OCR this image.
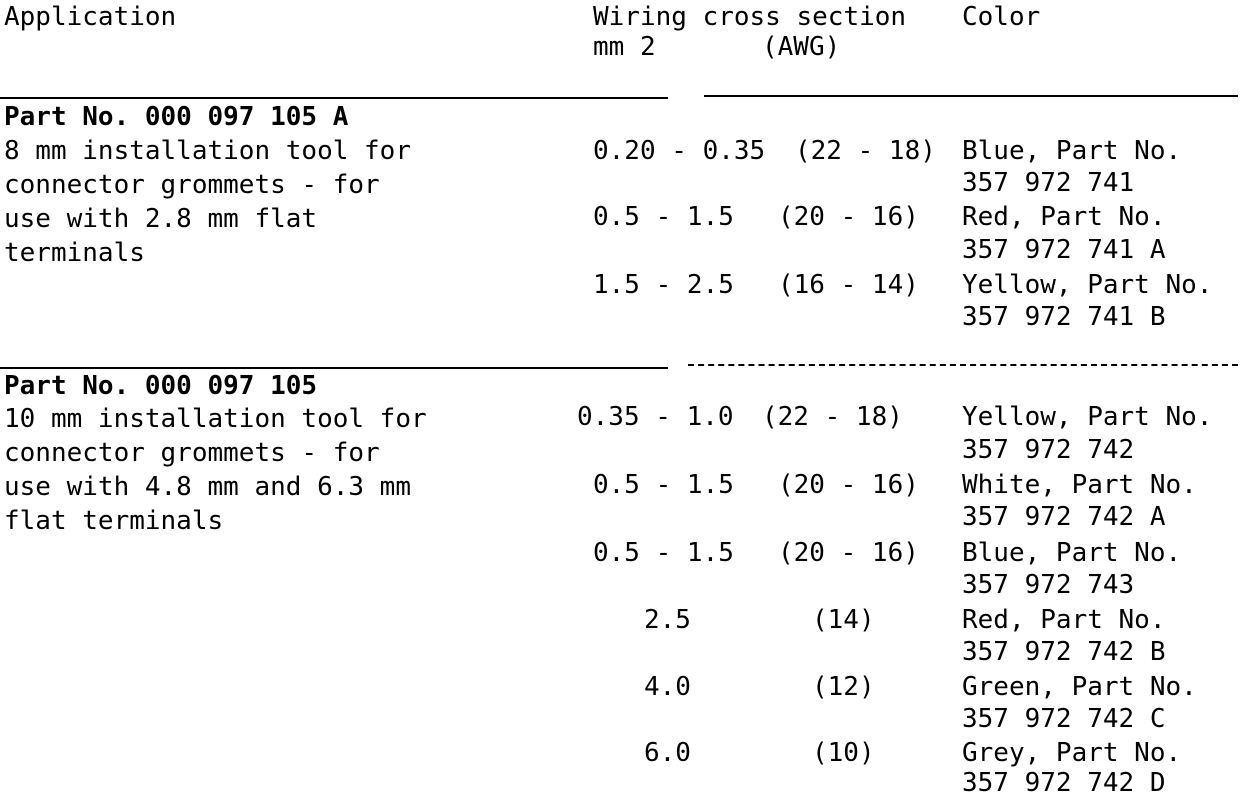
Application	Wiring cross section Color
mm 2	(AWG)
Part No. 000 097 105 A
8 mm installation tool for
connector grommets - for
use with 2.8 mm flat
terminals
0.20 - 0.35 (22 - 18) Blue, Part No.
357 972 741
0.5 - 1.5 (20 - 16) Red, Part No.
357 972 741 A
1.5 - 2.5 (16 - 14) Yellow, Part No.
357 972 741 B
Part No. 000 097 105
10 mm installation tool for
connector grommets - for
use with 4.8 mm and 6.3 mm
flat terminals
0.35 - 1.0 (22 - 18) Yellow, Part No.
357 972 742
0.5 - 1.5 (20 - 16) White, Part No.
357 972 742 A
0.5 - 1.5 (20 - 16) Blue, Part No.
357 972 743
2.5	(14)	Red, Part No.
357 972 742 B
4.0	(12)	Green, Part No.
357 972 742 C
6.0	(10)	Grey, Part No.
357 972 742 D
